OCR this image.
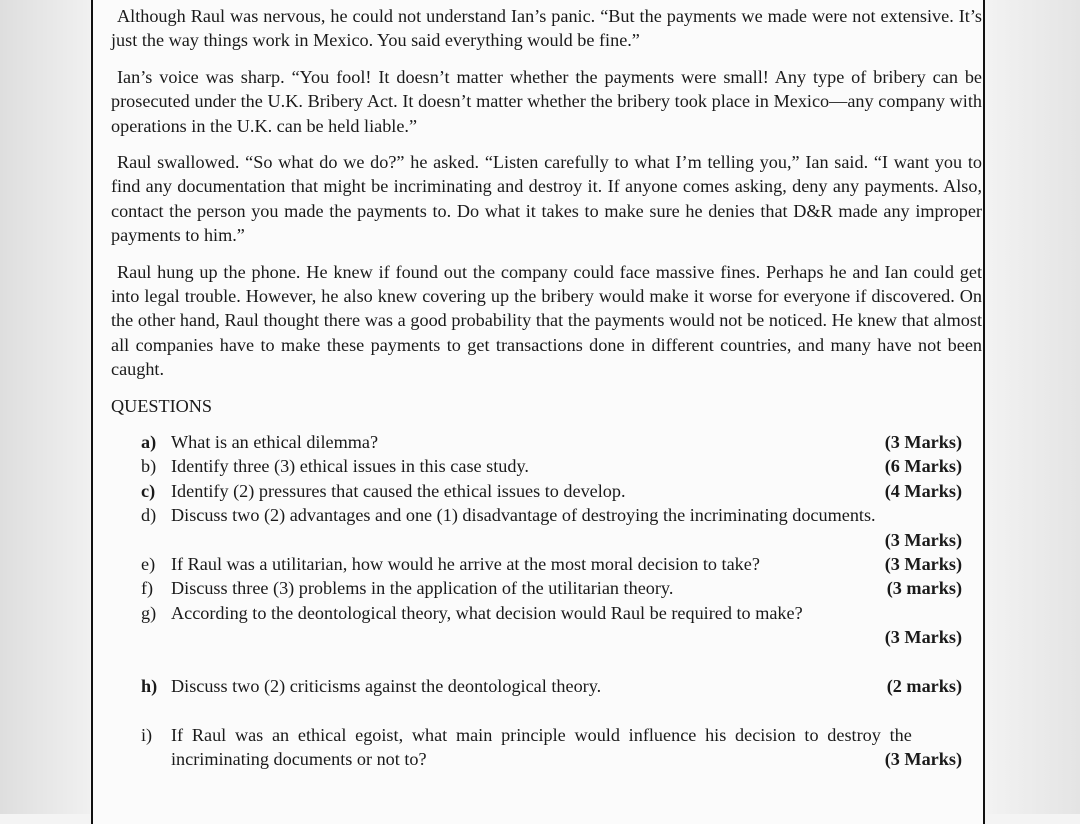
Although Raul was nervous, he could not understand Ian’s panic. “But the payments we made were not extensive. It’s just the way things work in Mexico. You said everything would be fine.”

Ian’s voice was sharp. “You fool! It doesn’t matter whether the payments were small! Any type of bribery can be prosecuted under the U.K. Bribery Act. It doesn’t matter whether the bribery took place in Mexico—any company with operations in the U.K. can be held liable.”

Raul swallowed. “So what do we do?” he asked. “Listen carefully to what I’m telling you,” Ian said. “I want you to find any documentation that might be incriminating and destroy it. If anyone comes asking, deny any payments. Also, contact the person you made the payments to. Do what it takes to make sure he denies that D&R made any improper payments to him.”

Raul hung up the phone. He knew if found out the company could face massive fines. Perhaps he and Ian could get into legal trouble. However, he also knew covering up the bribery would make it worse for everyone if discovered. On the other hand, Raul thought there was a good probability that the payments would not be noticed. He knew that almost all companies have to make these payments to get transactions done in different countries, and many have not been caught.

QUESTIONS
a) What is an ethical dilemma?	(3 Marks)
b) Identify three (3) ethical issues in this case study.	(6 Marks)
c) Identify (2) pressures that caused the ethical issues to develop.	(4 Marks)
d) Discuss two (2) advantages and one (1) disadvantage of destroying the incriminating documents.
(3 Marks)
e) If Raul was a utilitarian, how would he arrive at the most moral decision to take?	(3 Marks)
f) Discuss three (3) problems in the application of the utilitarian theory.	(3 marks)
g) According to the deontological theory, what decision would Raul be required to make?
(3 Marks)
h) Discuss two (2) criticisms against the deontological theory.	(2 marks)
i)	If Raul was an ethical egoist, what main principle would influence his decision to destroy the
incriminating documents or not to?	(3 Marks)
